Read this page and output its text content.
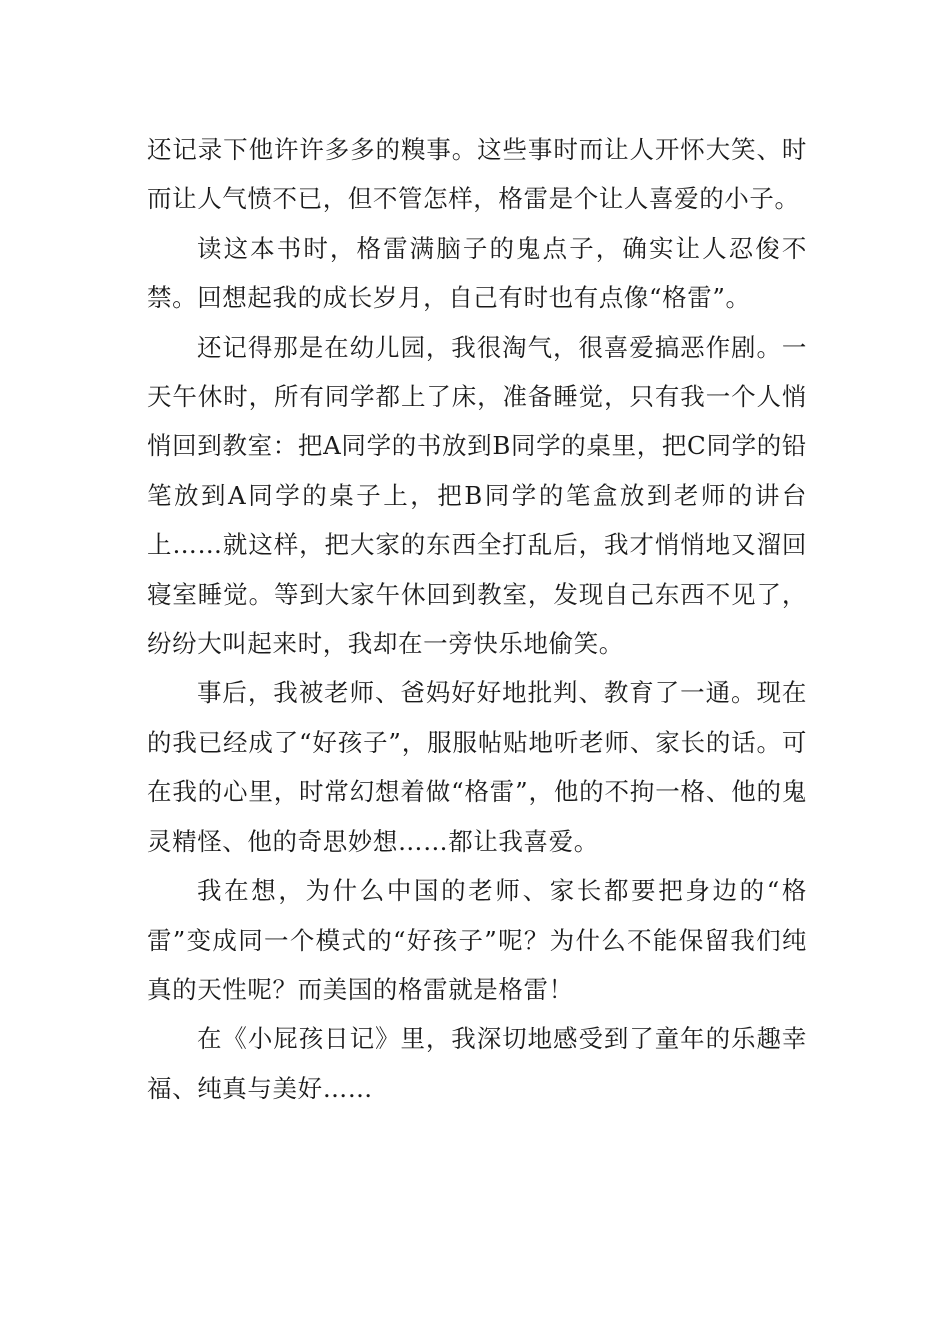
还记录下他许许多多的糗事。这些事时而让人开怀大笑、时而让人气愤不已，但不管怎样，格雷是个让人喜爱的小子。

读这本书时，格雷满脑子的鬼点子，确实让人忍俊不禁。回想起我的成长岁月，自己有时也有点像“格雷”。

还记得那是在幼儿园，我很淘气，很喜爱搞恶作剧。一天午休时，所有同学都上了床，准备睡觉，只有我一个人悄悄回到教室：把A同学的书放到B同学的桌里，把C同学的铅笔放到A同学的桌子上，把B同学的笔盒放到老师的讲台上……就这样，把大家的东西全打乱后，我才悄悄地又溜回寝室睡觉。等到大家午休回到教室，发现自己东西不见了，纷纷大叫起来时，我却在一旁快乐地偷笑。

事后，我被老师、爸妈好好地批判、教育了一通。现在的我已经成了“好孩子”，服服帖贴地听老师、家长的话。可在我的心里，时常幻想着做“格雷”，他的不拘一格、他的鬼灵精怪、他的奇思妙想……都让我喜爱。

我在想，为什么中国的老师、家长都要把身边的“格雷”变成同一个模式的“好孩子”呢？为什么不能保留我们纯真的天性呢？而美国的格雷就是格雷！

在《小屁孩日记》里，我深切地感受到了童年的乐趣幸福、纯真与美好……
